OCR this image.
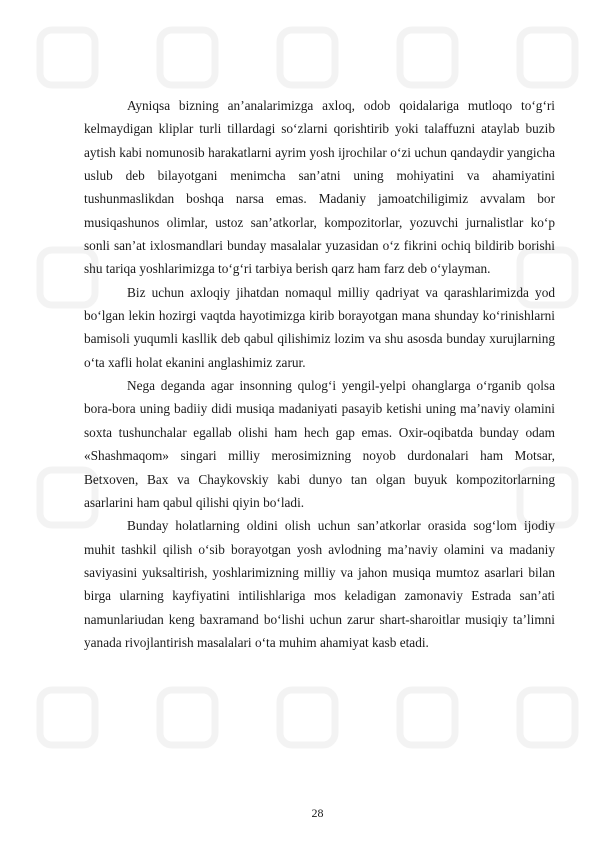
Ayniqsa bizning an’analarimizga axloq, odob qoidalariga mutloqo to‘g‘ri kelmaydigan kliplar turli tillardagi so‘zlarni qorishtirib yoki talaffuzni ataylab buzib aytish kabi nomunosib harakatlarni ayrim yosh ijrochilar o‘zi uchun qandaydir yangicha uslub deb bilayotgani menimcha san’atni uning mohiyatini va ahamiyatini tushunmaslikdan boshqa narsa emas. Madaniy jamoatchiligimiz avvalam bor musiqashunos olimlar, ustoz san’atkorlar, kompozitorlar, yozuvchi jurnalistlar ko‘p sonli san’at ixlosmandlari bunday masalalar yuzasidan o‘z fikrini ochiq bildirib borishi shu tariqa yoshlarimizga to‘g‘ri tarbiya berish qarz ham farz deb o‘ylayman.

Biz uchun axloqiy jihatdan nomaqul milliy qadriyat va qarashlarimizda yod bo‘lgan lekin hozirgi vaqtda hayotimizga kirib borayotgan mana shunday ko‘rinishlarni bamisoli yuqumli kasllik deb qabul qilishimiz lozim va shu asosda bunday xurujlarning o‘ta xafli holat ekanini anglashimiz zarur.

Nega deganda agar insonning qulog‘i yengil-yelpi ohanglarga o‘rganib qolsa bora-bora uning badiiy didi musiqa madaniyati pasayib ketishi uning ma’naviy olamini soxta tushunchalar egallab olishi ham hech gap emas. Oxir-oqibatda bunday odam «Shashmaqom» singari milliy merosimizning noyob durdonalari ham Motsar, Betxoven, Bax va Chaykovskiy kabi dunyo tan olgan buyuk kompozitorlarning asarlarini ham qabul qilishi qiyin bo‘ladi.

Bunday holatlarning oldini olish uchun san’atkorlar orasida sog‘lom ijodiy muhit tashkil qilish o‘sib borayotgan yosh avlodning ma’naviy olamini va madaniy saviyasini yuksaltirish, yoshlarimizning milliy va jahon musiqa mumtoz asarlari bilan birga ularning kayfiyatini intilishlariga mos keladigan zamonaviy Estrada san’ati namunlariudan keng baxramand bo‘lishi uchun zarur shart-sharoitlar musiqiy ta’limni yanada rivojlantirish masalalari o‘ta muhim ahamiyat kasb etadi.

28
